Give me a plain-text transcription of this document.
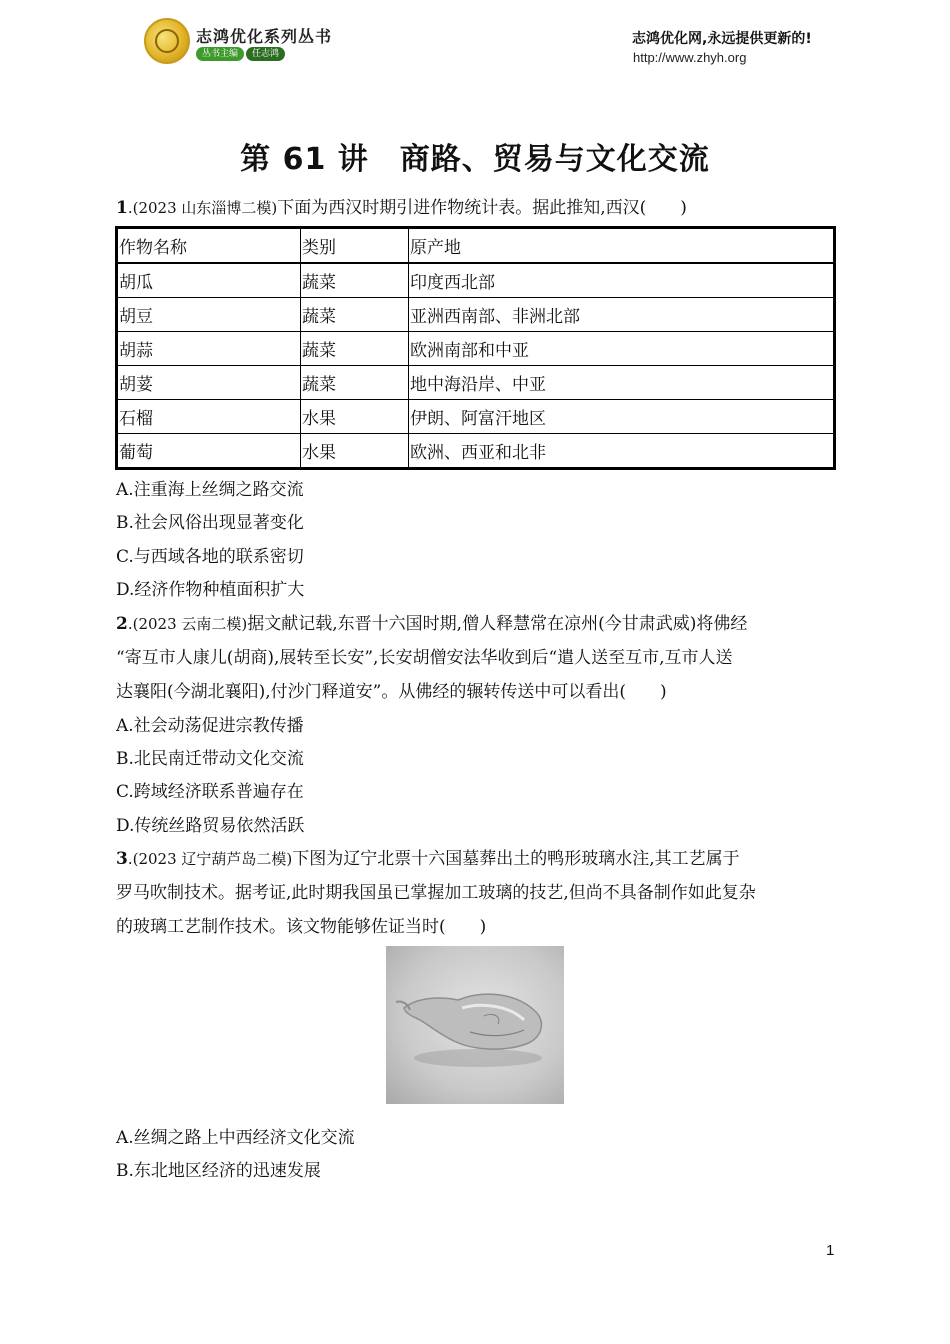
志鸿优化系列丛书
丛书主编	任志鸿
志鸿优化网,永远提供更新的!
http://www.zhyh.org
第 61 讲　商路、贸易与文化交流
1.(2023 山东淄博二模)下面为西汉时期引进作物统计表。据此推知,西汉(　　)
作物名称	类别	原产地
胡瓜	蔬菜	印度西北部
胡豆	蔬菜	亚洲西南部、非洲北部
胡蒜	蔬菜	欧洲南部和中亚
胡荽	蔬菜	地中海沿岸、中亚
石榴	水果	伊朗、阿富汗地区
葡萄	水果	欧洲、西亚和北非
A.注重海上丝绸之路交流
B.社会风俗出现显著变化
C.与西域各地的联系密切
D.经济作物种植面积扩大
2.(2023 云南二模)据文献记载,东晋十六国时期,僧人释慧常在凉州(今甘肃武威)将佛经
“寄互市人康儿(胡商),展转至长安”,长安胡僧安法华收到后“遣人送至互市,互市人送
达襄阳(今湖北襄阳),付沙门释道安”。从佛经的辗转传送中可以看出(　　)
A.社会动荡促进宗教传播
B.北民南迁带动文化交流
C.跨域经济联系普遍存在
D.传统丝路贸易依然活跃
3.(2023 辽宁葫芦岛二模)下图为辽宁北票十六国墓葬出土的鸭形玻璃水注,其工艺属于
罗马吹制技术。据考证,此时期我国虽已掌握加工玻璃的技艺,但尚不具备制作如此复杂
的玻璃工艺制作技术。该文物能够佐证当时(　　)
A.丝绸之路上中西经济文化交流
B.东北地区经济的迅速发展
1
